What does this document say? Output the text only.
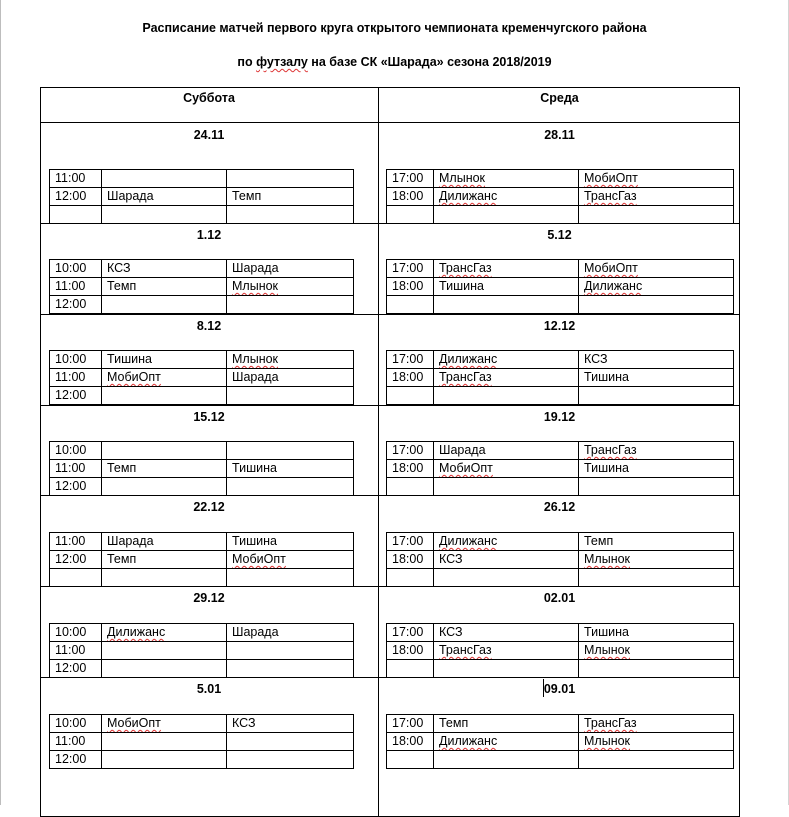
Расписание матчей первого круга открытого чемпионата кременчугского района
по футзалу на базе СК «Шарада» сезона 2018/2019
Суббота	Среда
24.11	28.11
11:00		
12:00	Шарада	Темп

17:00	Млынок	МобиОпт
18:00	Дилижанс	ТрансГаз

1.12	5.12
10:00	КСЗ	Шарада
11:00	Темп	Млынок
12:00		
17:00	ТрансГаз	МобиОпт
18:00	Тишина	Дилижанс

8.12	12.12
10:00	Тишина	Млынок
11:00	МобиОпт	Шарада
12:00		
17:00	Дилижанс	КСЗ
18:00	ТрансГаз	Тишина

15.12	19.12
10:00		
11:00	Темп	Тишина
12:00		
17:00	Шарада	ТрансГаз
18:00	МобиОпт	Тишина

22.12	26.12
11:00	Шарада	Тишина
12:00	Темп	МобиОпт

17:00	Дилижанс	Темп
18:00	КСЗ	Млынок

29.12	02.01
10:00	Дилижанс	Шарада
11:00		
12:00		
17:00	КСЗ	Тишина
18:00	ТрансГаз	Млынок

5.01	09.01
10:00	МобиОпт	КСЗ
11:00		
12:00		
17:00	Темп	ТрансГаз
18:00	Дилижанс	Млынок
